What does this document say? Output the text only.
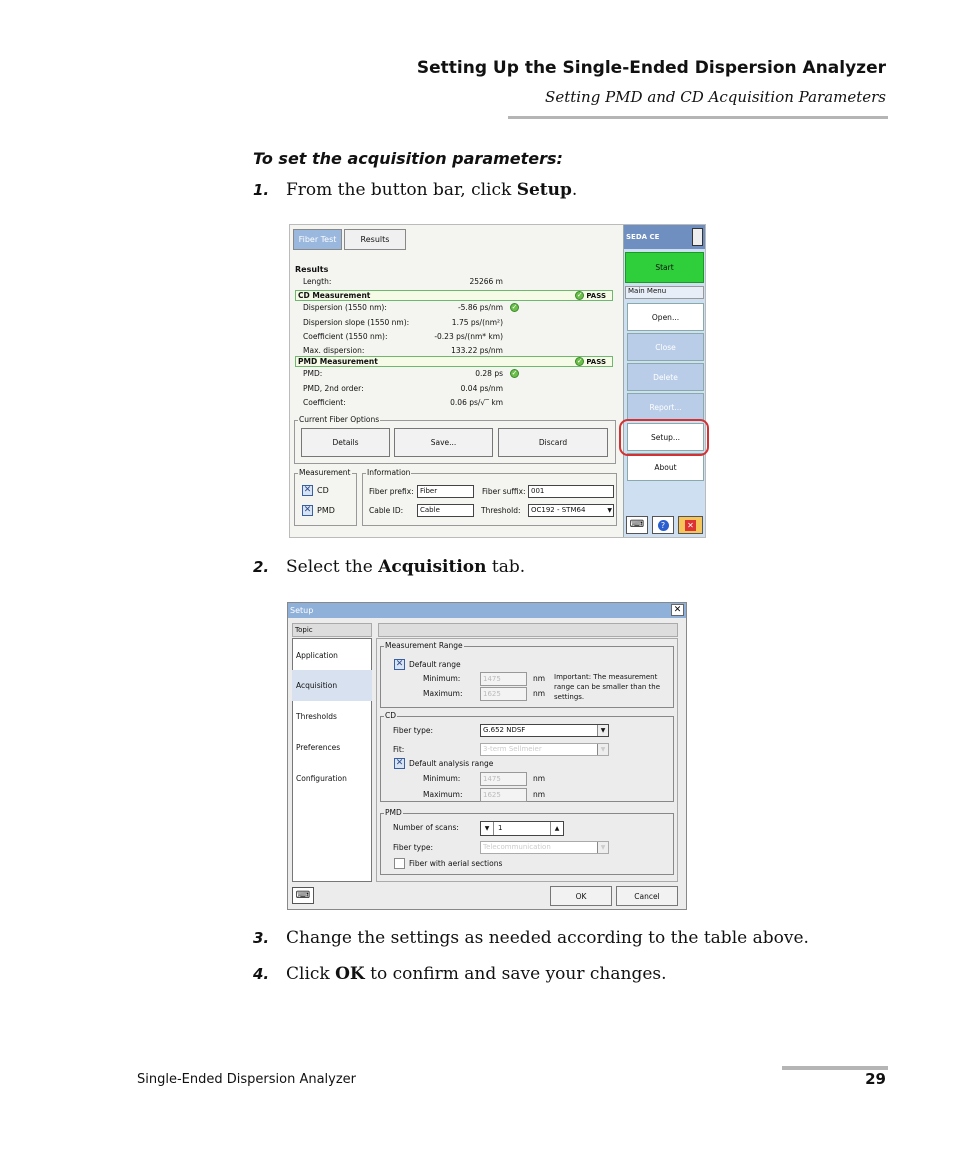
Setting Up the Single-Ended Dispersion Analyzer
Setting PMD and CD Acquisition Parameters
To set the acquisition parameters:
1. From the button bar, click Setup.
Fiber Test	Results
Results
Length:	25266 m
CD Measurement	✓ PASS
Dispersion (1550 nm):	-5.86 ps/nm ✓
Dispersion slope (1550 nm):	1.75 ps/(nm²)
Coefficient (1550 nm):	-0.23 ps/(nm* km)
Max. dispersion:	133.22 ps/nm
PMD Measurement	✓ PASS
PMD:	0.28 ps ✓
PMD, 2nd order:	0.04 ps/nm
Coefficient:	0.06 ps/√‾ km
Current Fiber Options
Details	Save...	Discard
Measurement
✕ CD
✕ PMD
Information
Fiber prefix: Fiber	Fiber suffix: 001
Cable ID:	Cable	Threshold:	OC192 - STM64	▼
SEDA CE
Start
Main Menu
Open...
Close
Delete
Report...
Setup...
About
⌨	?	✕
2. Select the Acquisition tab.
Setup	✕
Topic
Application
Acquisition
Thresholds
Preferences
Configuration
Measurement Range
✕ Default range
Minimum:	1475	nm
Maximum:	1625	nm
Important: The measurement range can be smaller than the settings.
CD
Fiber type:	G.652 NDSF	▼
Fit:	3-term Sellmeier	▼
✕ Default analysis range
Minimum:	1475	nm
Maximum:	1625	nm
PMD
Number of scans:	▼	1	▲
Fiber type:	Telecommunication	▼
Fiber with aerial sections
⌨	OK	Cancel
3. Change the settings as needed according to the table above.
4. Click OK to confirm and save your changes.
Single-Ended Dispersion Analyzer	29
